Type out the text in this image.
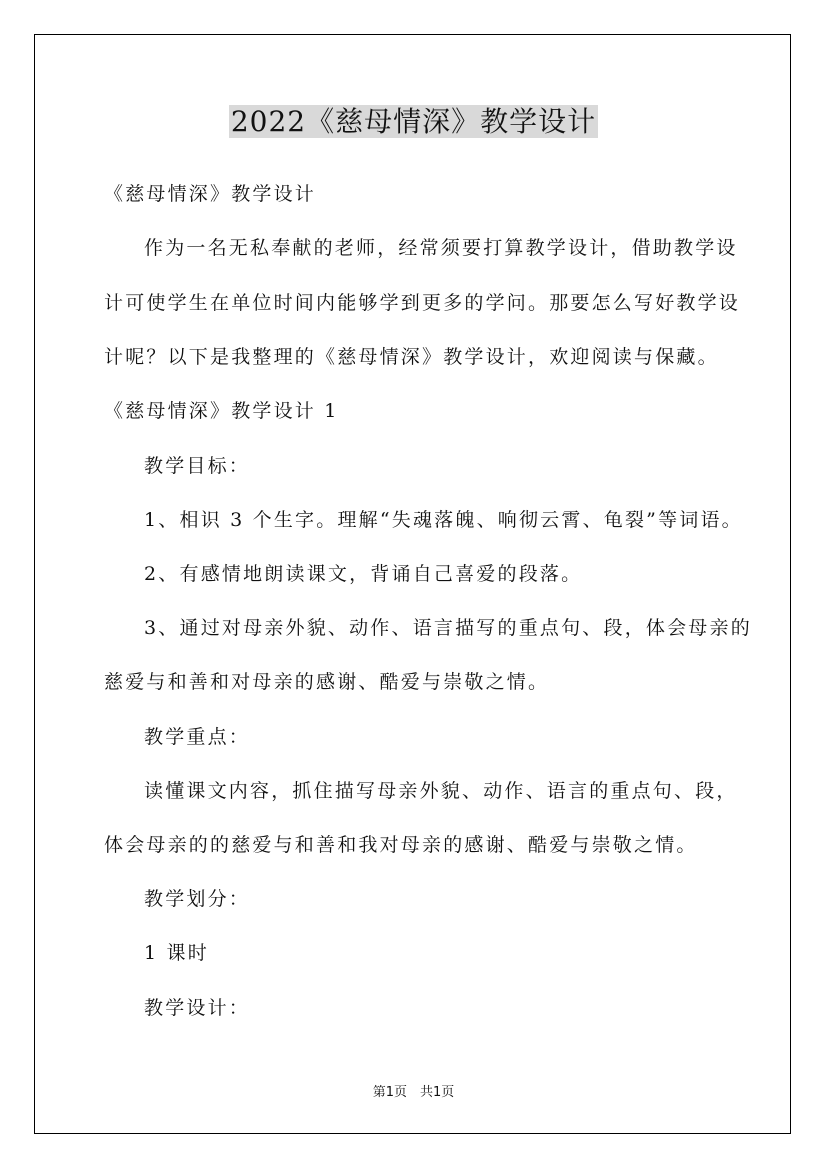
2022《慈母情深》教学设计
《慈母情深》教学设计
作为一名无私奉献的老师，经常须要打算教学设计，借助教学设
计可使学生在单位时间内能够学到更多的学问。那要怎么写好教学设
计呢？以下是我整理的《慈母情深》教学设计，欢迎阅读与保藏。
《慈母情深》教学设计 1
教学目标：
1、相识 3 个生字。理解“失魂落魄、响彻云霄、龟裂”等词语。
2、有感情地朗读课文，背诵自己喜爱的段落。
3、通过对母亲外貌、动作、语言描写的重点句、段，体会母亲的
慈爱与和善和对母亲的感谢、酷爱与崇敬之情。
教学重点：
读懂课文内容，抓住描写母亲外貌、动作、语言的重点句、段，
体会母亲的的慈爱与和善和我对母亲的感谢、酷爱与崇敬之情。
教学划分：
1 课时
教学设计：
第1页　共1页
